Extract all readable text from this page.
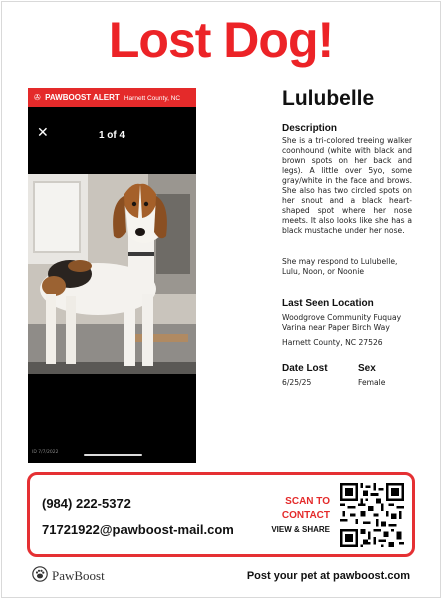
Lost Dog!
✇ PAWBOOST ALERT Harnett County, NC
✕	1 of 4
ID 7/7/2022
Lulubelle
Description
She is a tri-colored treeing walker coonhound (white with black and brown spots on her back and legs). A little over 5yo, some gray/white in the face and brows. She also has two circled spots on her snout and a black heart-shaped spot where her nose meets. It also looks like she has a black mustache under her nose.
She may respond to Lulubelle, Lulu, Noon, or Noonie
Last Seen Location
Woodgrove Community Fuquay Varina near Paper Birch Way
Harnett County, NC 27526
Date Lost
6/25/25
Sex
Female
(984) 222-5372
71721922@pawboost-mail.com
SCAN TO
CONTACT
VIEW & SHARE
PawBoost	Post your pet at pawboost.com
